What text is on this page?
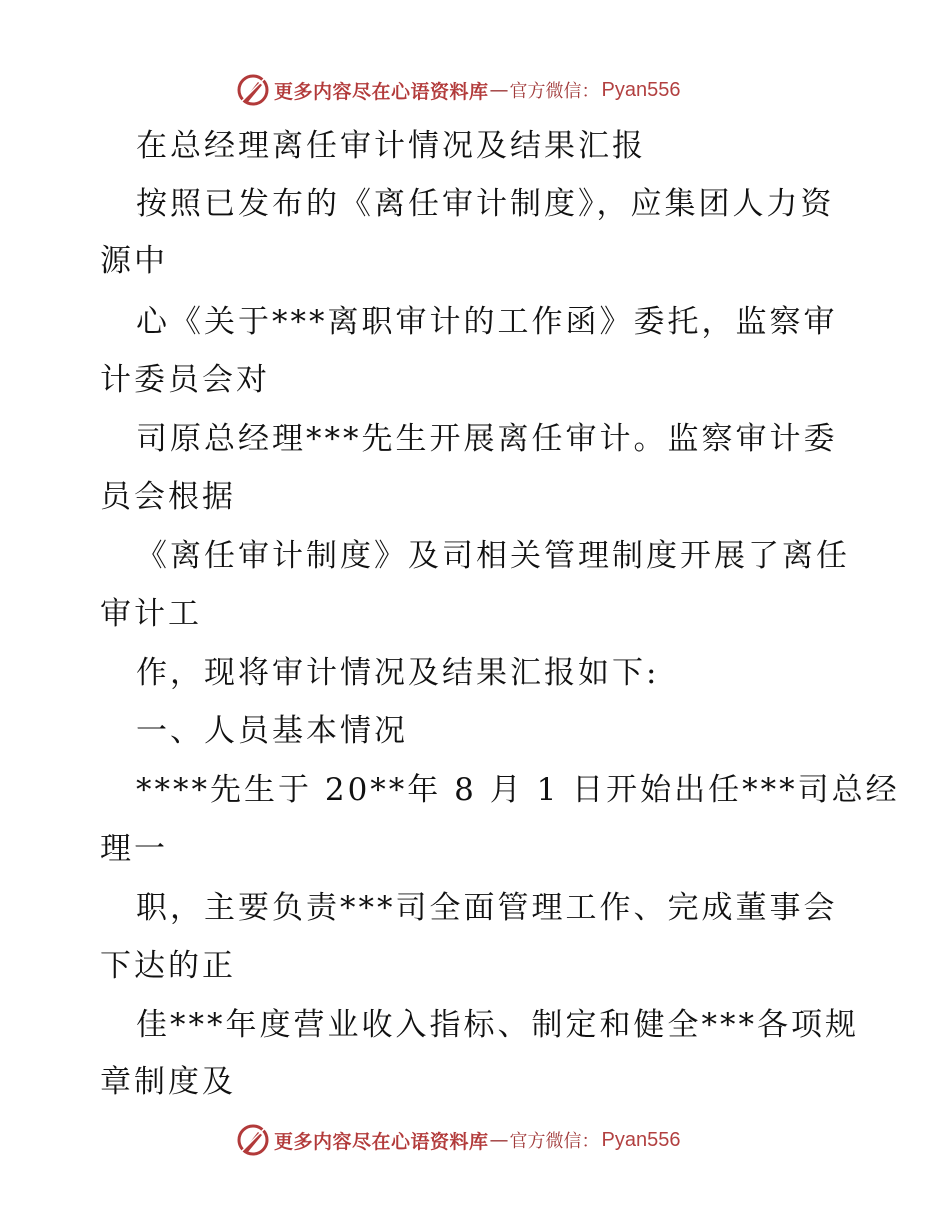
更多内容尽在心语资料库 — 官方微信： Pyan556
在总经理离任审计情况及结果汇报
按照已发布的《离任审计制度》，应集团人力资
源中
心《关于***离职审计的工作函》委托，监察审
计委员会对
司原总经理***先生开展离任审计。监察审计委
员会根据
《离任审计制度》及司相关管理制度开展了离任
审计工
作，现将审计情况及结果汇报如下:
一、人员基本情况
****先生于 20**年 8 月 1 日开始出任***司总经
理一
职，主要负责***司全面管理工作、完成董事会
下达的正
佳***年度营业收入指标、制定和健全***各项规
章制度及
更多内容尽在心语资料库 — 官方微信： Pyan556
